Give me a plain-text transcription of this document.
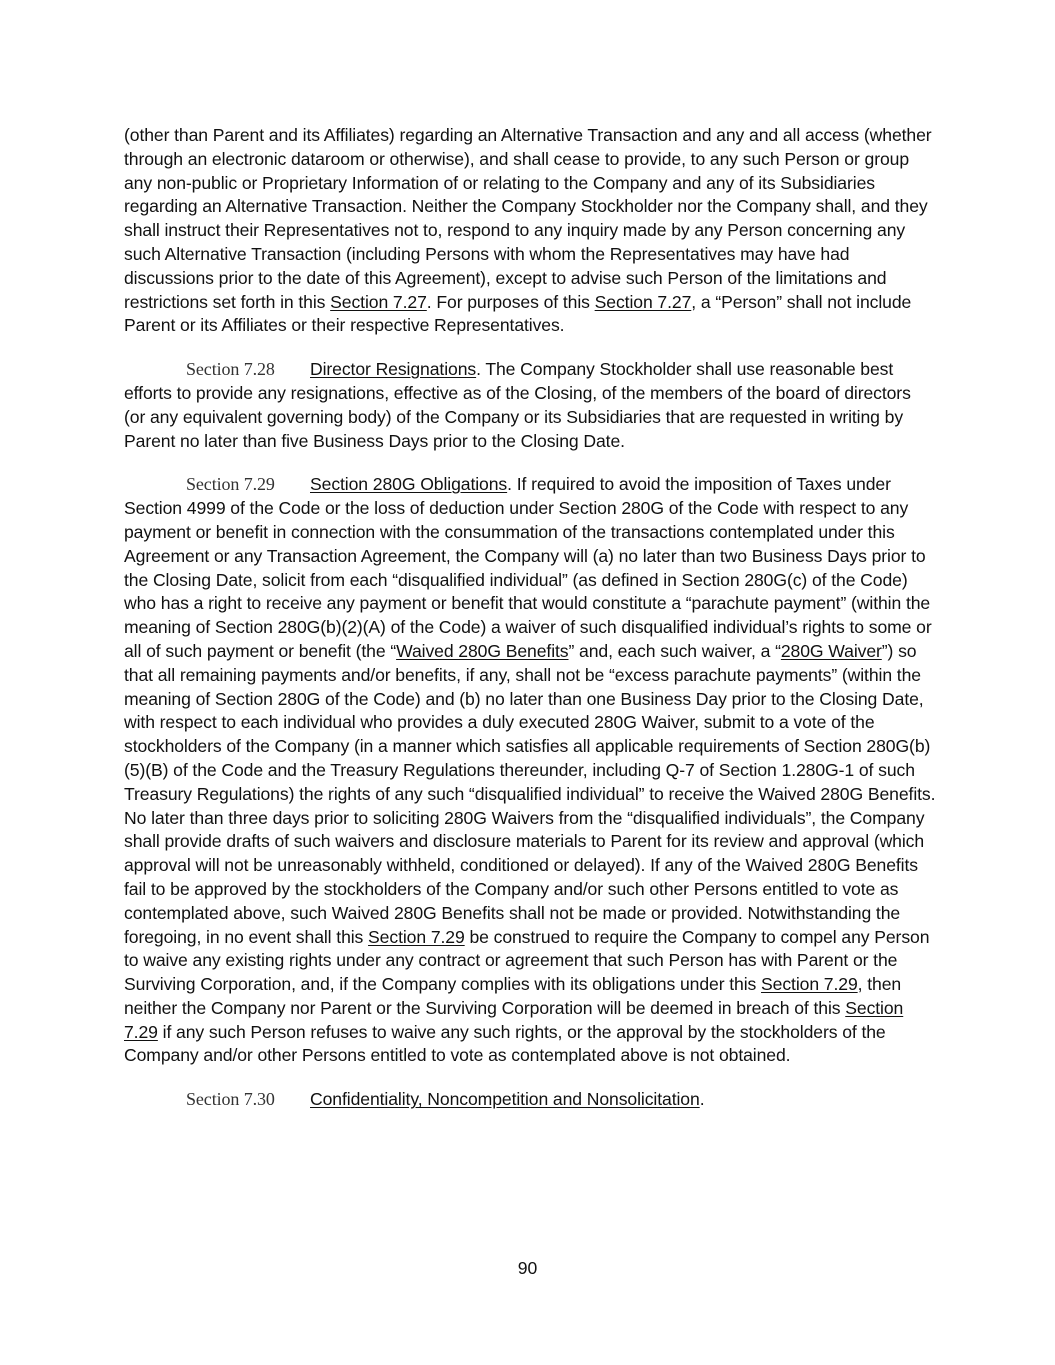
(other than Parent and its Affiliates) regarding an Alternative Transaction and any and all access (whether through an electronic dataroom or otherwise), and shall cease to provide, to any such Person or group any non-public or Proprietary Information of or relating to the Company and any of its Subsidiaries regarding an Alternative Transaction. Neither the Company Stockholder nor the Company shall, and they shall instruct their Representatives not to, respond to any inquiry made by any Person concerning any such Alternative Transaction (including Persons with whom the Representatives may have had discussions prior to the date of this Agreement), except to advise such Person of the limitations and restrictions set forth in this Section 7.27. For purposes of this Section 7.27, a “Person” shall not include Parent or its Affiliates or their respective Representatives.

Section 7.28 Director Resignations. The Company Stockholder shall use reasonable best efforts to provide any resignations, effective as of the Closing, of the members of the board of directors (or any equivalent governing body) of the Company or its Subsidiaries that are requested in writing by Parent no later than five Business Days prior to the Closing Date.

Section 7.29 Section 280G Obligations. If required to avoid the imposition of Taxes under Section 4999 of the Code or the loss of deduction under Section 280G of the Code with respect to any payment or benefit in connection with the consummation of the transactions contemplated under this Agreement or any Transaction Agreement, the Company will (a) no later than two Business Days prior to the Closing Date, solicit from each “disqualified individual” (as defined in Section 280G(c) of the Code) who has a right to receive any payment or benefit that would constitute a “parachute payment” (within the meaning of Section 280G(b)(2)(A) of the Code) a waiver of such disqualified individual’s rights to some or all of such payment or benefit (the “Waived 280G Benefits” and, each such waiver, a “280G Waiver”) so that all remaining payments and/or benefits, if any, shall not be “excess parachute payments” (within the meaning of Section 280G of the Code) and (b) no later than one Business Day prior to the Closing Date, with respect to each individual who provides a duly executed 280G Waiver, submit to a vote of the stockholders of the Company (in a manner which satisfies all applicable requirements of Section 280G(b)(5)(B) of the Code and the Treasury Regulations thereunder, including Q-7 of Section 1.280G-1 of such Treasury Regulations) the rights of any such “disqualified individual” to receive the Waived 280G Benefits. No later than three days prior to soliciting 280G Waivers from the “disqualified individuals”, the Company shall provide drafts of such waivers and disclosure materials to Parent for its review and approval (which approval will not be unreasonably withheld, conditioned or delayed). If any of the Waived 280G Benefits fail to be approved by the stockholders of the Company and/or such other Persons entitled to vote as contemplated above, such Waived 280G Benefits shall not be made or provided. Notwithstanding the foregoing, in no event shall this Section 7.29 be construed to require the Company to compel any Person to waive any existing rights under any contract or agreement that such Person has with Parent or the Surviving Corporation, and, if the Company complies with its obligations under this Section 7.29, then neither the Company nor Parent or the Surviving Corporation will be deemed in breach of this Section 7.29 if any such Person refuses to waive any such rights, or the approval by the stockholders of the Company and/or other Persons entitled to vote as contemplated above is not obtained.

Section 7.30 Confidentiality, Noncompetition and Nonsolicitation.

90
